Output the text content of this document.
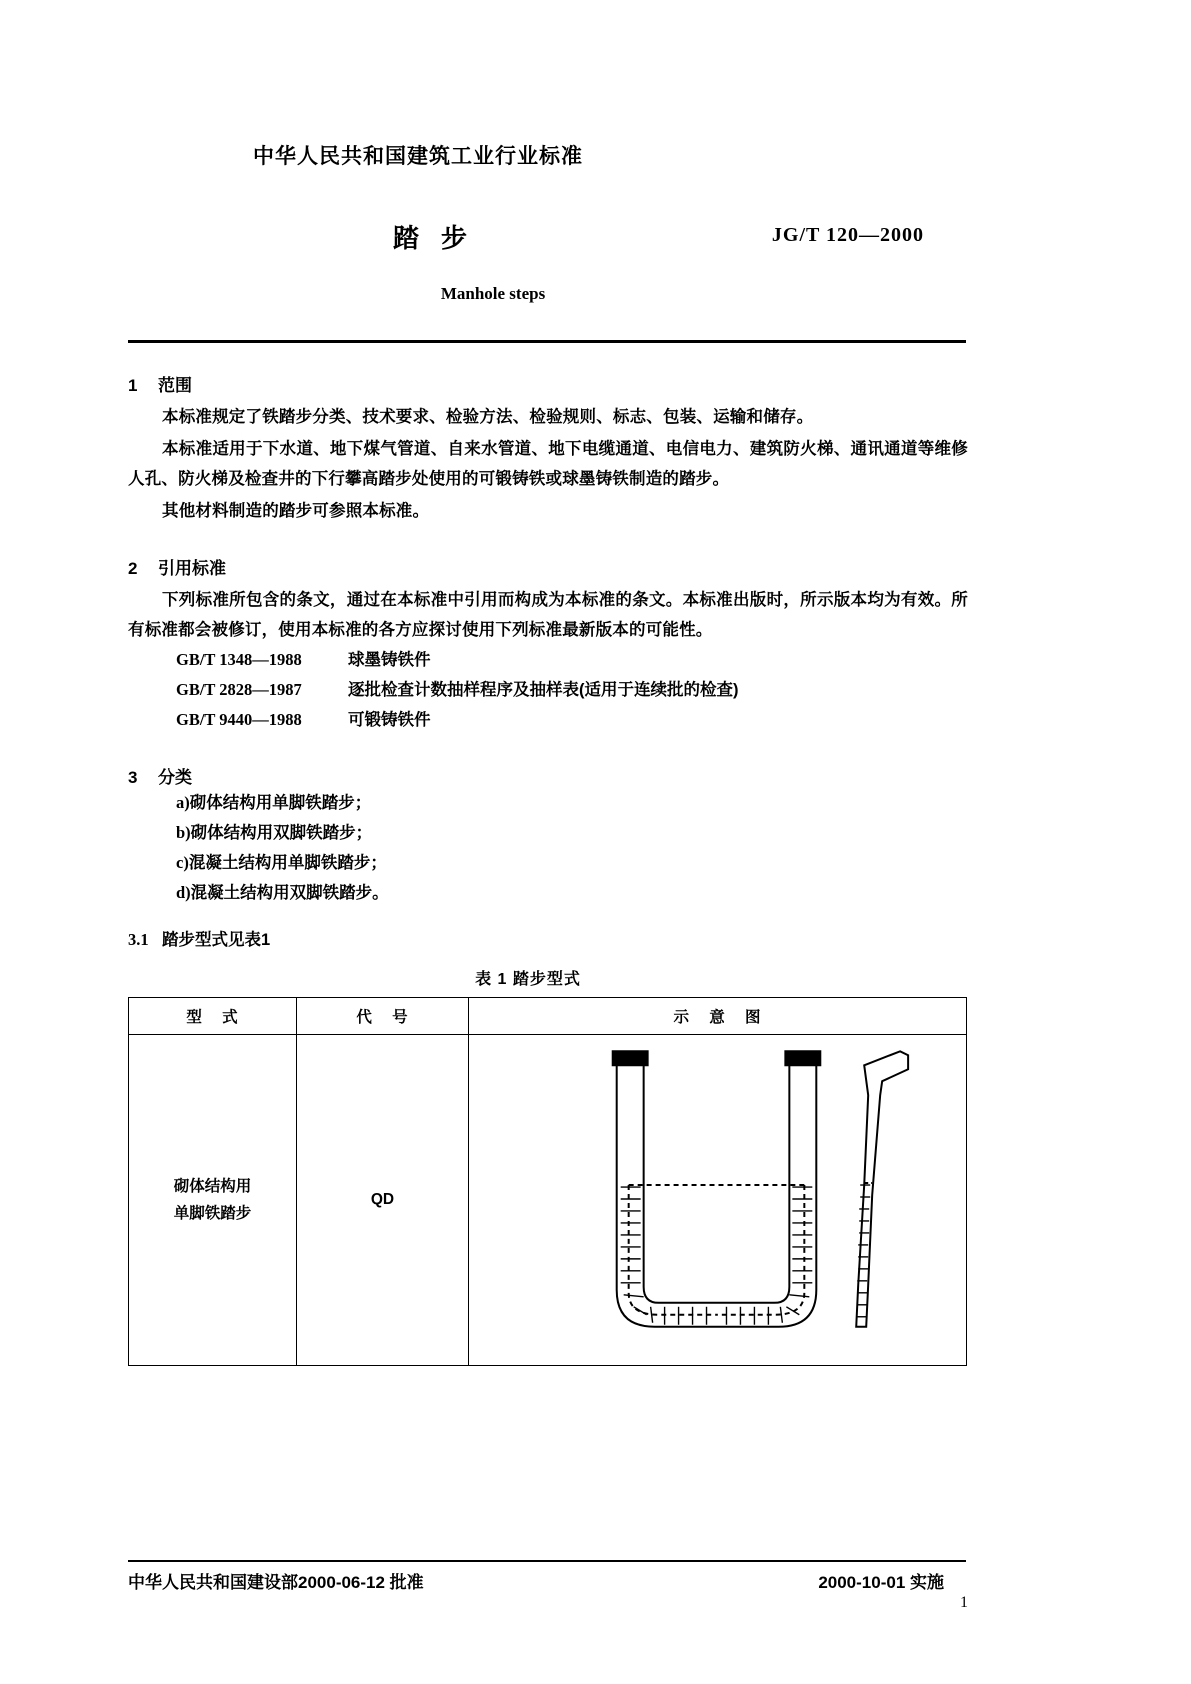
中华人民共和国建筑工业行业标准
踏步	JG/T 120—2000
Manhole steps
1 范围

本标准规定了铁踏步分类、技术要求、检验方法、检验规则、标志、包装、运输和储存。

本标准适用于下水道、地下煤气管道、自来水管道、地下电缆通道、电信电力、建筑防火梯、通讯通道等维修人孔、防火梯及检查井的下行攀高踏步处使用的可锻铸铁或球墨铸铁制造的踏步。

其他材料制造的踏步可参照本标准。

2 引用标准

下列标准所包含的条文，通过在本标准中引用而构成为本标准的条文。本标准出版时，所示版本均为有效。所有标准都会被修订，使用本标准的各方应探讨使用下列标准最新版本的可能性。

GB/T 1348—1988	球墨铸铁件
GB/T 2828—1987	逐批检查计数抽样程序及抽样表(适用于连续批的检查)
GB/T 9440—1988	可锻铸铁件
3 分类
a)砌体结构用单脚铁踏步；
b)砌体结构用双脚铁踏步；
c)混凝土结构用单脚铁踏步；
d)混凝土结构用双脚铁踏步。
3.1 踏步型式见表1
表 1 踏步型式
型 式	代 号	示 意 图

砌体结构用
单脚铁踏步	QD	
中华人民共和国建设部2000-06-12 批准	2000-10-01 实施
1
